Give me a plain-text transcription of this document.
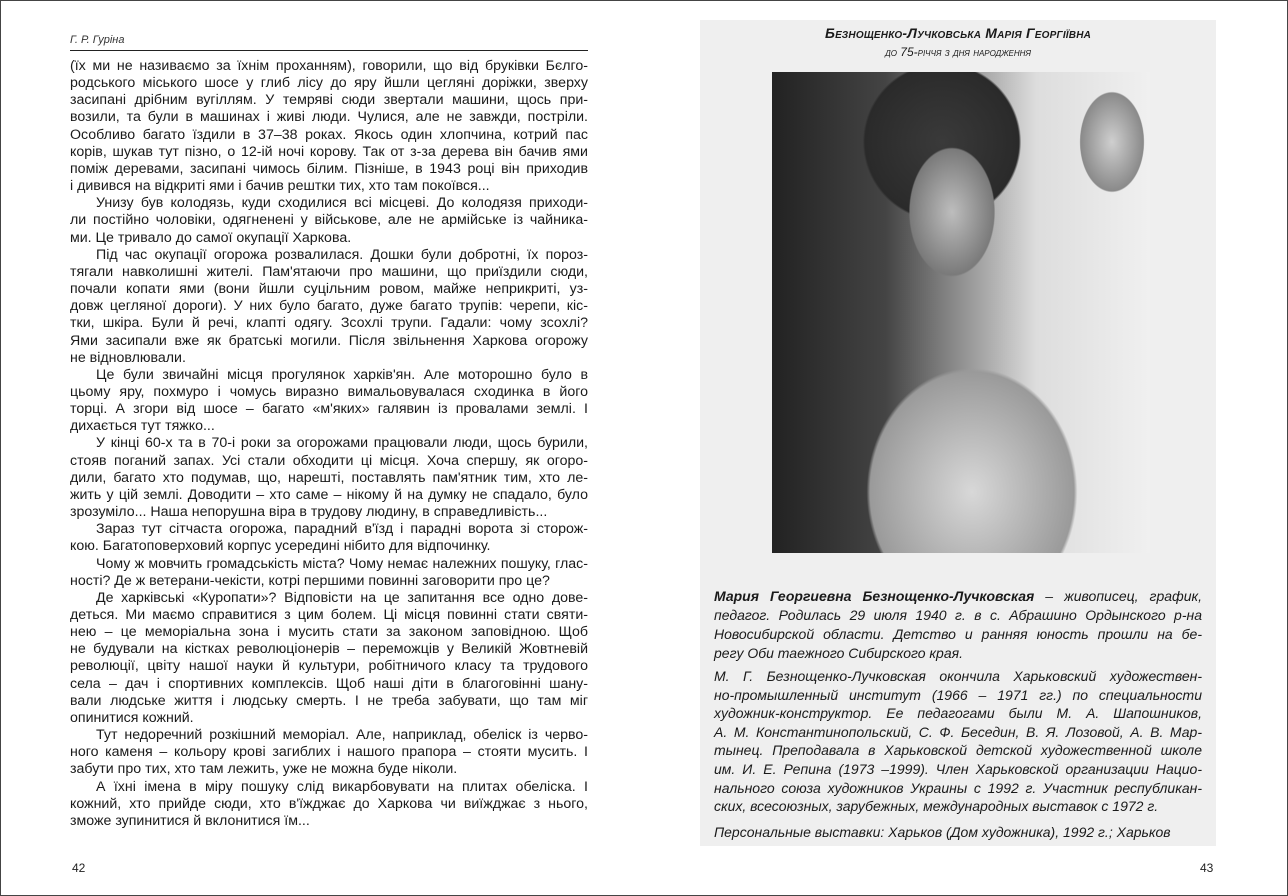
Г. Р. Гуріна
(їх ми не називаємо за їхнім проханням), говорили, що від бруківки Бєлго-
родського міського шосе у глиб лісу до яру йшли цегляні доріжки, зверху
засипані дрібним вугіллям. У темряві сюди звертали машини, щось при-
возили, та були в машинах і живі люди. Чулися, але не завжди, постріли.
Особливо багато їздили в 37–38 роках. Якось один хлопчина, котрий пас
корів, шукав тут пізно, о 12-ій ночі корову. Так от з-за дерева він бачив ями
поміж деревами, засипані чимось білим. Пізніше, в 1943 році він приходив
і дивився на відкриті ями і бачив рештки тих, хто там покоївся...
Унизу був колодязь, куди сходилися всі місцеві. До колодязя приходи-
ли постійно чоловіки, одягненені у військове, але не армійське із чайника-
ми. Це тривало до самої окупації Харкова.
Під час окупації огорожа розвалилася. Дошки були добротні, їх пороз-
тягали навколишні жителі. Пам'ятаючи про машини, що приїздили сюди,
почали копати ями (вони йшли суцільним ровом, майже неприкриті, уз-
довж цегляної дороги). У них було багато, дуже багато трупів: черепи, кіс-
тки, шкіра. Були й речі, клапті одягу. Зсохлі трупи. Гадали: чому зсохлі?
Ями засипали вже як братські могили. Після звільнення Харкова огорожу
не відновлювали.
Це були звичайні місця прогулянок харків'ян. Але моторошно було в
цьому яру, похмуро і чомусь виразно вимальовувалася сходинка в його
торці. А згори від шосе – багато «м'яких» галявин із провалами землі. І
дихається тут тяжко...
У кінці 60-х та в 70-і роки за огорожами працювали люди, щось бурили,
стояв поганий запах. Усі стали обходити ці місця. Хоча спершу, як огоро-
дили, багато хто подумав, що, нарешті, поставлять пам'ятник тим, хто ле-
жить у цій землі. Доводити – хто саме – нікому й на думку не спадало, було
зрозуміло... Наша непорушна віра в трудову людину, в справедливість...
Зараз тут сітчаста огорожа, парадний в'їзд і парадні ворота зі сторож-
кою. Багатоповерховий корпус усередині нібито для відпочинку.
Чому ж мовчить громадськість міста? Чому немає належних пошуку, глас-
ності? Де ж ветерани-чекісти, котрі першими повинні заговорити про це?
Де харківські «Куропати»? Відповісти на це запитання все одно дове-
деться. Ми маємо справитися з цим болем. Ці місця повинні стати святи-
нею – це меморіальна зона і мусить стати за законом заповідною. Щоб
не будували на кістках революціонерів – переможців у Великій Жовтневій
революції, цвіту нашої науки й культури, робітничого класу та трудового
села – дач і спортивних комплексів. Щоб наші діти в благоговінні шану-
вали людське життя і людську смерть. І не треба забувати, що там міг
опинитися кожний.
Тут недоречний розкішний меморіал. Але, наприклад, обеліск із черво-
ного каменя – кольору крові загиблих і нашого прапора – стояти мусить. І
забути про тих, хто там лежить, уже не можна буде ніколи.
А їхні імена в міру пошуку слід викарбовувати на плитах обеліска. І
кожний, хто прийде сюди, хто в'їжджає до Харкова чи виїжджає з нього,
зможе зупинитися й вклонитися їм...
42
Безнощенко-Лучковська Марія Георгіївна
до 75-річчя з дня народження
Мария Георгиевна Безнощенко-Лучковская – живописец, график,
педагог. Родилась 29 июля 1940 г. в с. Абрашино Ордынского р-на
Новосибирской области. Детство и ранняя юность прошли на бе-
регу Оби таежного Сибирского края.
М. Г. Безнощенко-Лучковская окончила Харьковский художествен-
но-промышленный институт (1966 – 1971 гг.) по специальности
художник-конструктор. Ее педагогами были М. А. Шапошников,
А. М. Константинопольский, С. Ф. Беседин, В. Я. Лозовой, А. В. Мар-
тынец. Преподавала в Харьковской детской художественной школе
им. И. Е. Репина (1973 –1999). Член Харьковской организации Нацио-
нального союза художников Украины с 1992 г. Участник республикан-
ских, всесоюзных, зарубежных, международных выставок с 1972 г.
Персональные выставки: Харьков (Дом художника), 1992 г.; Харьков
43
